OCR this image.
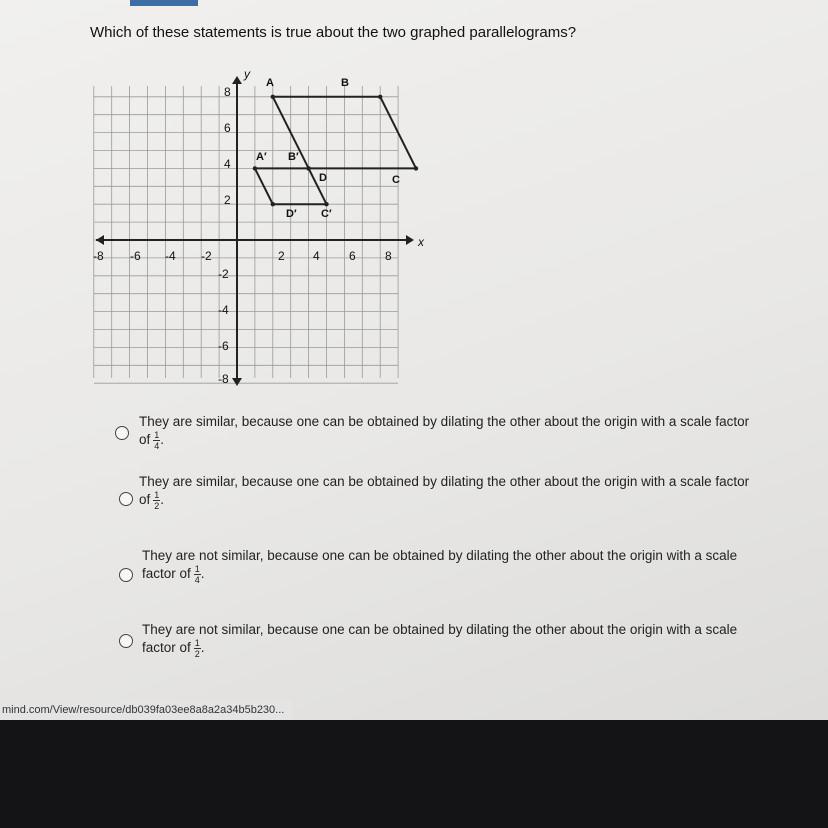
Which of these statements is true about the two graphed parallelograms?
x
y
-8 -6 -4 -2	2 4 6 8
8
6
4
2
-2
-4
-6
-8
A	B
C
D
A′ B′
C′
D′
They are similar, because one can be obtained by dilating the other about the origin with a scale factor
of $\frac{1}{4}$ .
They are similar, because one can be obtained by dilating the other about the origin with a scale factor
of $\frac{1}{2}$ .
They are not similar, because one can be obtained by dilating the other about the origin with a scale
factor of $\frac{1}{4}$ .
They are not similar, because one can be obtained by dilating the other about the origin with a scale
factor of $\frac{1}{2}$ .
mind.com/View/resource/db039fa03ee8a8a2a34b5b230...
